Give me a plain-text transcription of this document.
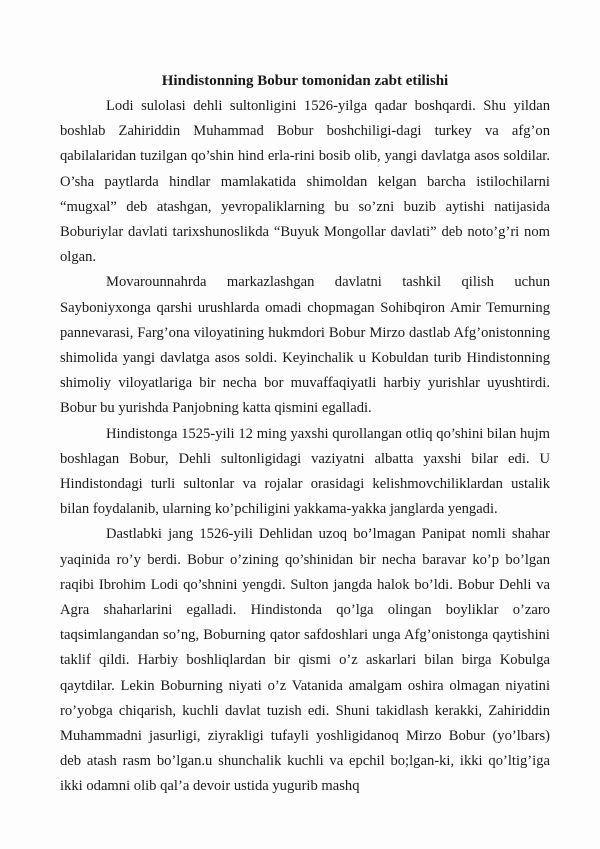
Hindistonning Bobur tomonidan zabt etilishi

Lodi sulolasi dehli sultonligini 1526-yilga qadar boshqardi. Shu yildan boshlab Zahiriddin Muhammad Bobur boshchiligi-dagi turkey va afg’on qabilalaridan tuzilgan qo’shin hind erla-rini bosib olib, yangi davlatga asos soldilar. O’sha paytlarda hindlar mamlakatida shimoldan kelgan barcha istilochilarni “mugxal” deb atashgan, yevropaliklarning bu so’zni buzib aytishi natijasida Boburiylar davlati tarixshunoslikda “Buyuk Mongollar davlati” deb noto’g’ri nom olgan.

Movarounnahrda markazlashgan davlatni tashkil qilish uchun Sayboniyxonga qarshi urushlarda omadi chopmagan Sohibqiron Amir Temurning pannevarasi, Farg’ona viloyatining hukmdori Bobur Mirzo dastlab Afg’onistonning shimolida yangi davlatga asos soldi. Keyinchalik u Kobuldan turib Hindistonning shimoliy viloyatlariga bir necha bor muvaffaqiyatli harbiy yurishlar uyushtirdi. Bobur bu yurishda Panjobning katta qismini egalladi.

Hindistonga 1525-yili 12 ming yaxshi qurollangan otliq qo’shini bilan hujm boshlagan Bobur, Dehli sultonligidagi vaziyatni albatta yaxshi bilar edi. U Hindistondagi turli sultonlar va rojalar orasidagi kelishmovchiliklardan ustalik bilan foydalanib, ularning ko’pchiligini yakkama-yakka janglarda yengadi.

Dastlabki jang 1526-yili Dehlidan uzoq bo’lmagan Panipat nomli shahar yaqinida ro’y berdi. Bobur o’zining qo’shinidan bir necha baravar ko’p bo’lgan raqibi Ibrohim Lodi qo’shnini yengdi. Sulton jangda halok bo’ldi. Bobur Dehli va Agra shaharlarini egalladi. Hindistonda qo’lga olingan boyliklar o’zaro taqsimlangandan so’ng, Boburning qator safdoshlari unga Afg’onistonga qaytishini taklif qildi. Harbiy boshliqlardan bir qismi o’z askarlari bilan birga Kobulga qaytdilar. Lekin Boburning niyati o’z Vatanida amalgam oshira olmagan niyatini ro’yobga chiqarish, kuchli davlat tuzish edi. Shuni takidlash kerakki, Zahiriddin Muhammadni jasurligi, ziyrakligi tufayli yoshligidanoq Mirzo Bobur (yo’lbars) deb atash rasm bo’lgan.u shunchalik kuchli va epchil bo;lgan-ki, ikki qo’ltig’iga ikki odamni olib qal’a devoir ustida yugurib mashq
